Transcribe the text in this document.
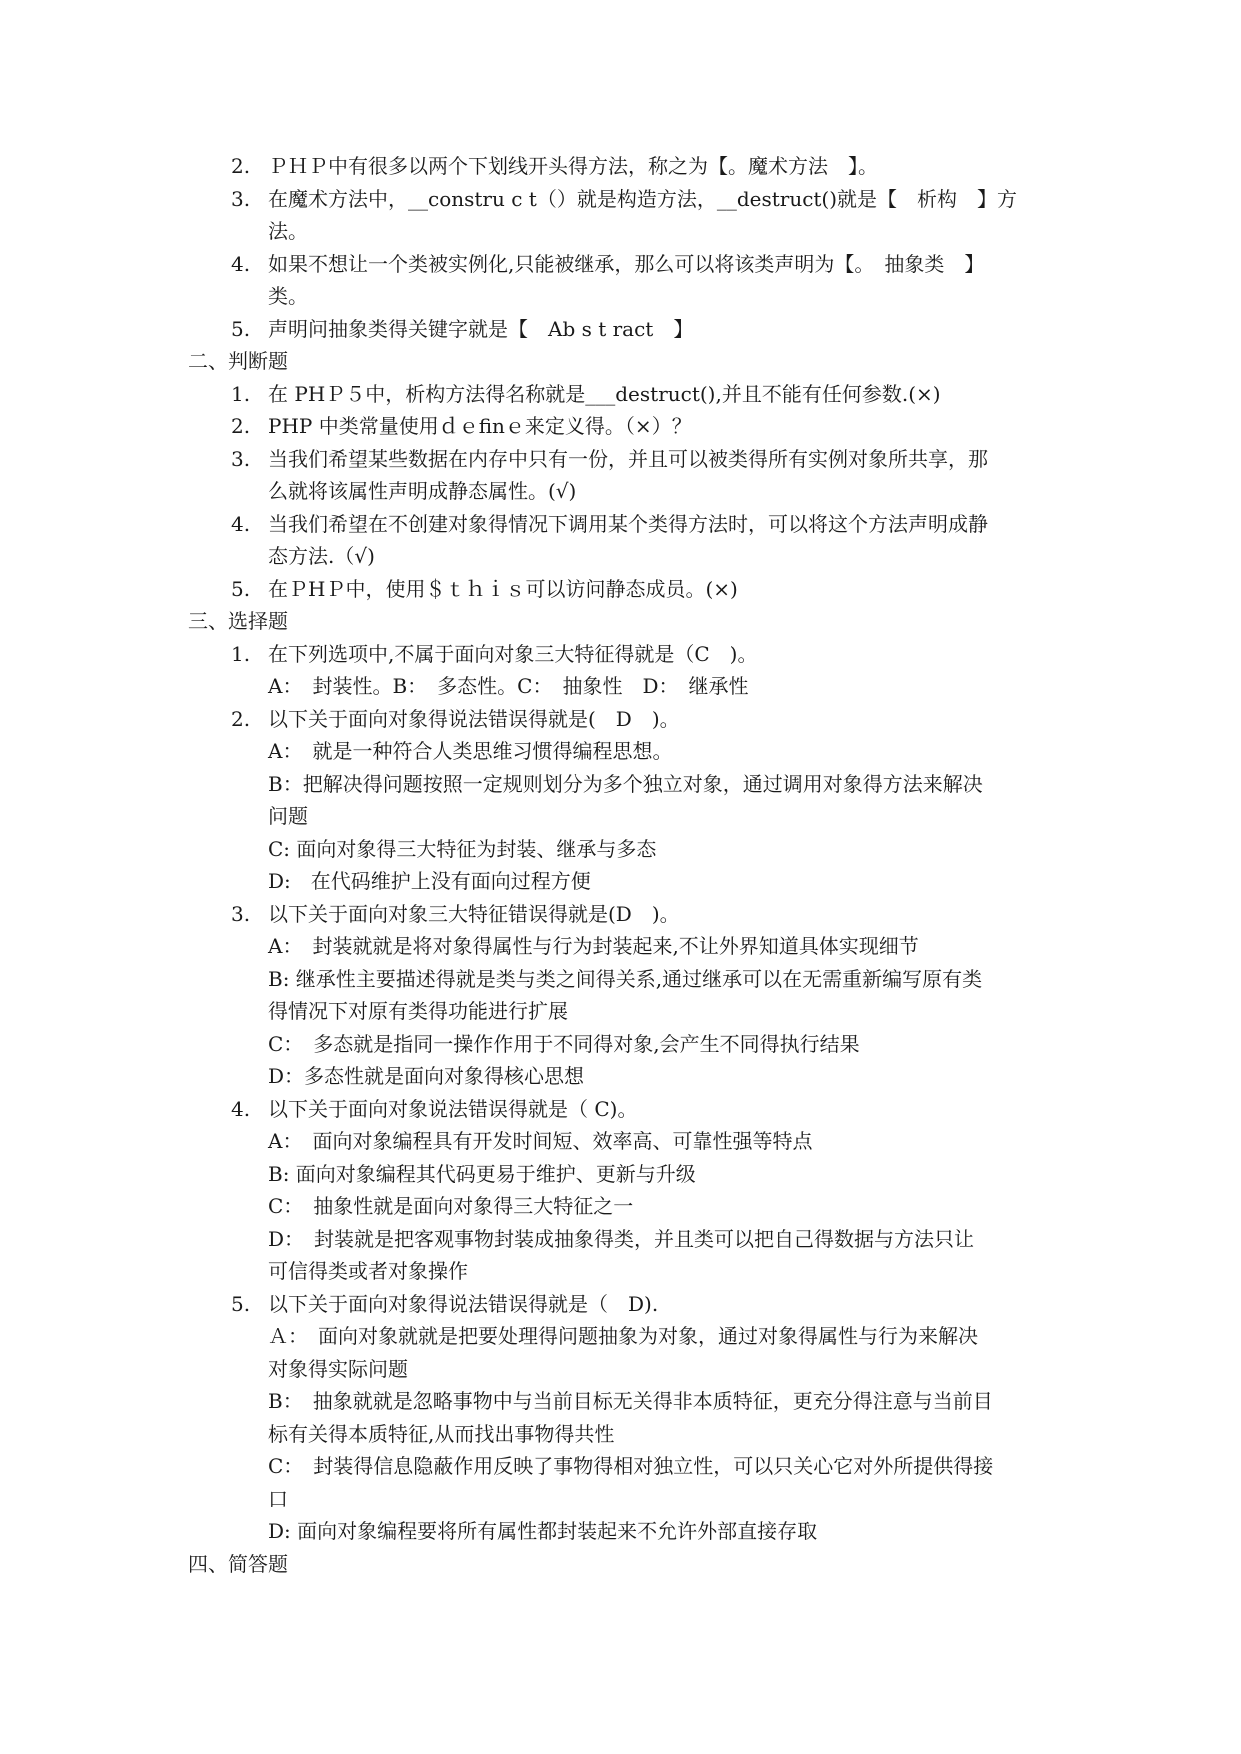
2. ＰＨＰ中有很多以两个下划线开头得方法，称之为【。魔术方法　】。
3. 在魔术方法中，__constru c t（）就是构造方法，__destruct()就是【　析构　】方
法。
4. 如果不想让一个类被实例化,只能被继承，那么可以将该类声明为【。　抽象类　】
类。
5. 声明问抽象类得关键字就是【　Ab s t ract　】
二、判断题
1. 在 PHＰ５中，析构方法得名称就是___destruct(),并且不能有任何参数.(×)
2. PHP 中类常量使用ｄｅfinｅ来定义得。（×）？
3. 当我们希望某些数据在内存中只有一份，并且可以被类得所有实例对象所共享，那
么就将该属性声明成静态属性。(√)
4. 当我们希望在不创建对象得情况下调用某个类得方法时，可以将这个方法声明成静
态方法.（√)
5. 在ＰHＰ中，使用＄ｔｈｉｓ可以访问静态成员。(×)
三、选择题
1. 在下列选项中,不属于面向对象三大特征得就是（C　)。
A：　封装性。B：　多态性。C：　抽象性　D：　继承性
2. 以下关于面向对象得说法错误得就是(　D　)。
A：　就是一种符合人类思维习惯得编程思想。
B：把解决得问题按照一定规则划分为多个独立对象，通过调用对象得方法来解决
问题
C: 面向对象得三大特征为封装、继承与多态
D:　在代码维护上没有面向过程方便
3. 以下关于面向对象三大特征错误得就是(D　)。
A：　封装就就是将对象得属性与行为封装起来,不让外界知道具体实现细节
B: 继承性主要描述得就是类与类之间得关系,通过继承可以在无需重新编写原有类
得情况下对原有类得功能进行扩展
C：　多态就是指同一操作作用于不同得对象,会产生不同得执行结果
D：多态性就是面向对象得核心思想
4. 以下关于面向对象说法错误得就是（ C)。
A：　面向对象编程具有开发时间短、效率高、可靠性强等特点
B: 面向对象编程其代码更易于维护、更新与升级
C：　抽象性就是面向对象得三大特征之一
D：　封装就是把客观事物封装成抽象得类，并且类可以把自己得数据与方法只让
可信得类或者对象操作
5. 以下关于面向对象得说法错误得就是（　D).
Ａ：　面向对象就就是把要处理得问题抽象为对象，通过对象得属性与行为来解决
对象得实际问题
B：　抽象就就是忽略事物中与当前目标无关得非本质特征，更充分得注意与当前目
标有关得本质特征,从而找出事物得共性
C：　封装得信息隐蔽作用反映了事物得相对独立性，可以只关心它对外所提供得接
口
D: 面向对象编程要将所有属性都封装起来不允许外部直接存取
四、简答题
